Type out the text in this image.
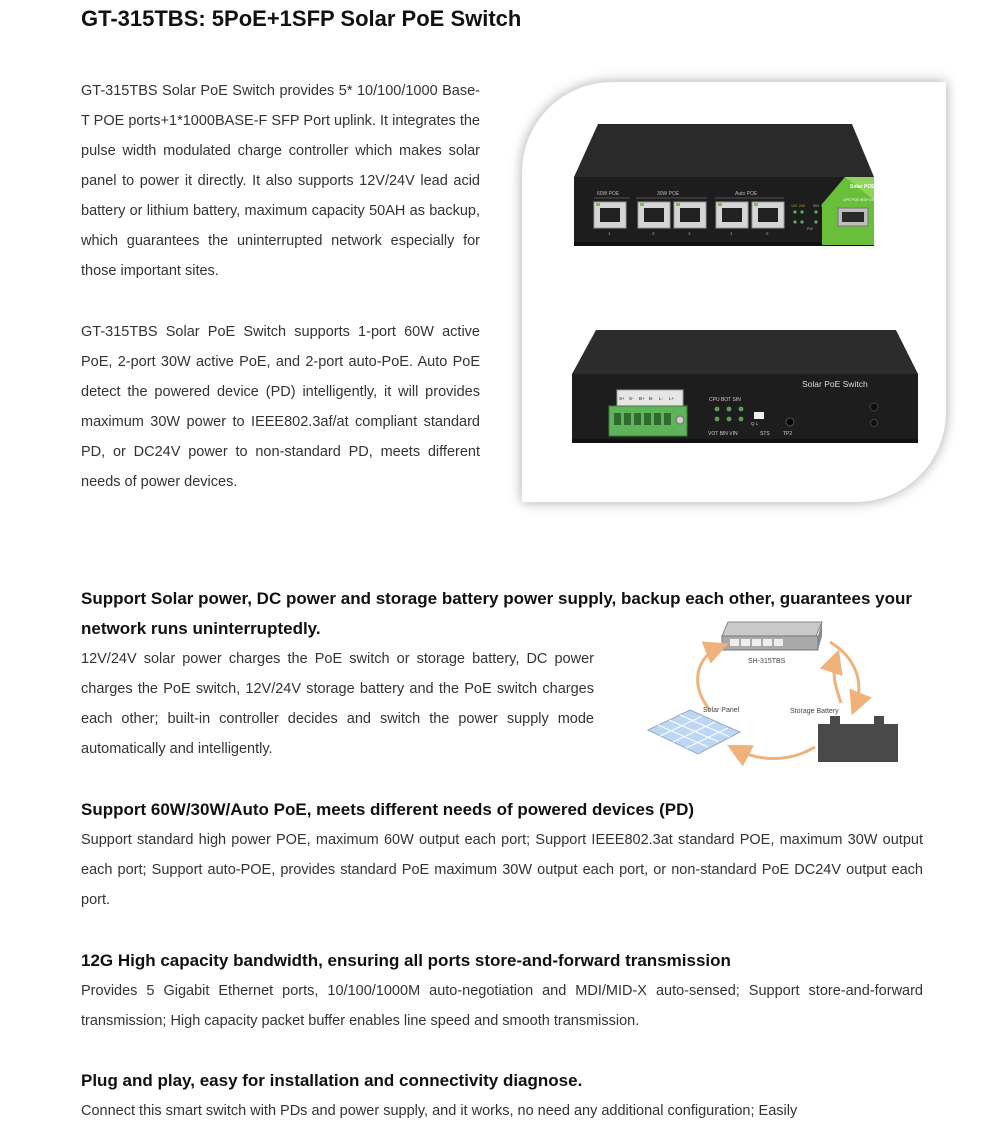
GT-315TBS: 5PoE+1SFP Solar PoE Switch

GT-315TBS Solar PoE Switch provides 5* 10/100/1000 Base-T POE ports+1*1000BASE-F SFP Port uplink. It integrates the pulse width modulated charge controller which makes solar panel to power it directly. It also supports 12V/24V lead acid battery or lithium battery, maximum capacity 50AH as backup, which guarantees the uninterrupted network especially for those important sites.

GT-315TBS Solar PoE Switch supports 1-port 60W active PoE, 2-port 30W active PoE, and 2-port auto-PoE. Auto PoE detect the powered device (PD) intelligently, it will provides maximum 30W power to IEEE802.3af/at compliant standard PD, or DC24V power to non-standard PD, meets different needs of power devices.

60W POE	30W POE	Auto POE
1	2	3	4	5
12V 24V
PW
SIN
Solar POE Switch
UPS POE 5GE+1SFP
Solar PoE Switch
S+ S- B+ B- L- L+	CPU BOT SIN
VOT BIN VIN
Q L
STS	TP2
Support Solar power, DC power and storage battery power supply, backup each other, guarantees your network runs uninterruptedly.

12V/24V solar power charges the PoE switch or storage battery, DC power charges the PoE switch, 12V/24V storage battery and the PoE switch charges each other; built-in controller decides and switch the power supply mode automatically and intelligently.

SH-315TBS
Solar Panel	Storage Battery
Support 60W/30W/Auto PoE, meets different needs of powered devices (PD)

Support standard high power POE, maximum 60W output each port; Support IEEE802.3at standard POE, maximum 30W output each port; Support auto-POE, provides standard PoE maximum 30W output each port, or non-standard PoE DC24V output each port.

12G High capacity bandwidth, ensuring all ports store-and-forward transmission

Provides 5 Gigabit Ethernet ports, 10/100/1000M auto-negotiation and MDI/MID-X auto-sensed; Support store-and-forward transmission; High capacity packet buffer enables line speed and smooth transmission.

Plug and play, easy for installation and connectivity diagnose.

Connect this smart switch with PDs and power supply, and it works, no need any additional configuration; Easily
